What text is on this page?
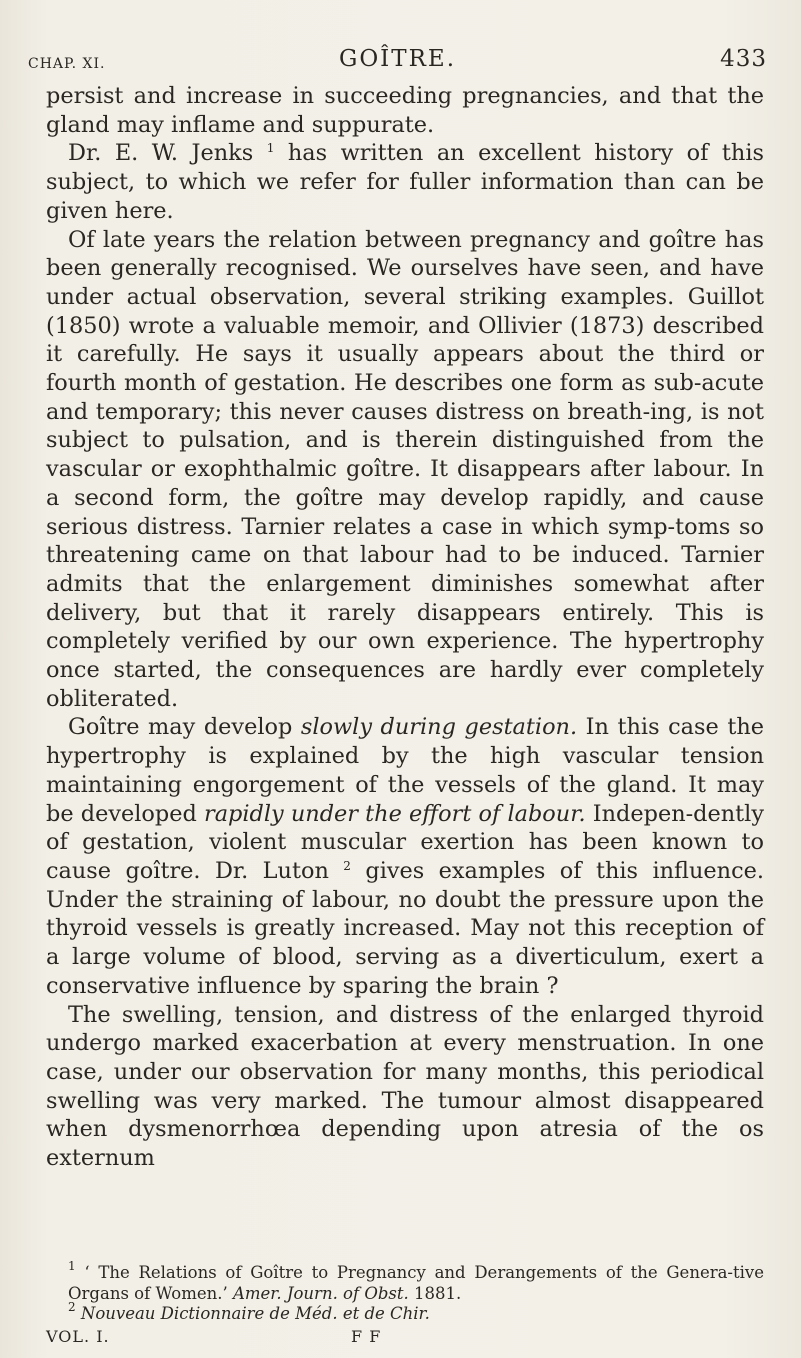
CHAP. XI.	GOÎTRE.	433

persist and increase in succeeding pregnancies, and that the gland may inflame and suppurate.

Dr. E. W. Jenks $^1$ has written an excellent history of this subject, to which we refer for fuller information than can be given here.

Of late years the relation between pregnancy and goître has been generally recognised. We ourselves have seen, and have under actual observation, several striking examples. Guillot (1850) wrote a valuable memoir, and Ollivier (1873) described it carefully. He says it usually appears about the third or fourth month of gestation. He describes one form as sub-acute and temporary; this never causes distress on breath-ing, is not subject to pulsation, and is therein distinguished from the vascular or exophthalmic goître. It disappears after labour. In a second form, the goître may develop rapidly, and cause serious distress. Tarnier relates a case in which symp-toms so threatening came on that labour had to be induced. Tarnier admits that the enlargement diminishes somewhat after delivery, but that it rarely disappears entirely. This is completely verified by our own experience. The hypertrophy once started, the consequences are hardly ever completely obliterated.

Goître may develop slowly during gestation. In this case the hypertrophy is explained by the high vascular tension maintaining engorgement of the vessels of the gland. It may be developed rapidly under the effort of labour. Indepen-dently of gestation, violent muscular exertion has been known to cause goître. Dr. Luton $^2$ gives examples of this influence. Under the straining of labour, no doubt the pressure upon the thyroid vessels is greatly increased. May not this reception of a large volume of blood, serving as a diverticulum, exert a conservative influence by sparing the brain ?

The swelling, tension, and distress of the enlarged thyroid undergo marked exacerbation at every menstruation. In one case, under our observation for many months, this periodical swelling was very marked. The tumour almost disappeared when dysmenorrhœa depending upon atresia of the os externum

$^1$ ‘ The Relations of Goître to Pregnancy and Derangements of the Genera-tive Organs of Women.’ Amer. Journ. of Obst. 1881.

$^2$ Nouveau Dictionnaire de Méd. et de Chir.

VOL. I.	F F
